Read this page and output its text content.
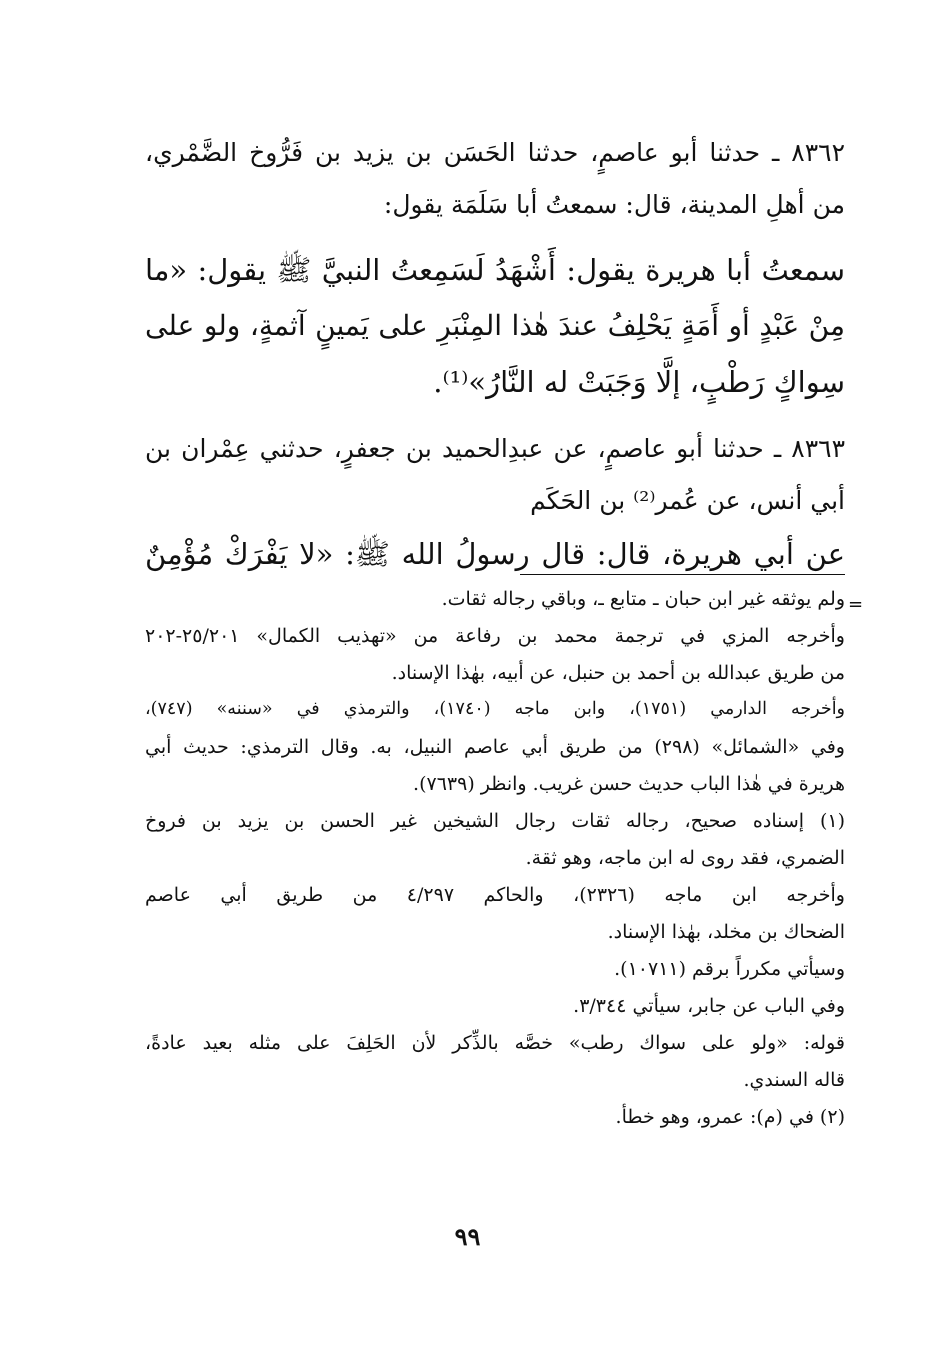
٨٣٦٢ ـ حدثنا أبو عاصمٍ، حدثنا الحَسَن بن يزيد بن فَرُّوخ الضَّمْري،
من أهلِ المدينة، قال: سمعتُ أبا سَلَمَة يقول:
سمعتُ أبا هريرة يقول: أَشْهَدُ لَسَمِعتُ النبيَّ ﷺ يقول: «ما
مِنْ عَبْدٍ أو أَمَةٍ يَحْلِفُ عندَ هٰذا المِنْبَرِ على يَمينٍ آثمةٍ، ولو على
سِواكٍ رَطْبٍ، إلَّا وَجَبَتْ له النَّارُ»⁽¹⁾.
٨٣٦٣ ـ حدثنا أبو عاصمٍ، عن عبدِالحميد بن جعفرٍ، حدثني عِمْران بن
أبي أنس، عن عُمر⁽²⁾ بن الحَكَم
عن أبي هريرة، قال: قال رسولُ الله ﷺ: «لا يَفْرَكْ مُؤْمِنٌ
=
ولم يوثقه غير ابن حبان ـ متابع ـ، وباقي رجاله ثقات.
وأخرجه المزي في ترجمة محمد بن رفاعة من «تهذيب الكمال» ٢٥/٢٠١-٢٠٢
من طريق عبدالله بن أحمد بن حنبل، عن أبيه، بهٰذا الإسناد.
وأخرجه الدارمي (١٧٥١)، وابن ماجه (١٧٤٠)، والترمذي في «سننه» (٧٤٧)،
وفي «الشمائل» (٢٩٨) من طريق أبي عاصم النبيل، به. وقال الترمذي: حديث أبي
هريرة في هٰذا الباب حديث حسن غريب. وانظر (٧٦٣٩).
(١) إسناده صحيح، رجاله ثقات رجال الشيخين غير الحسن بن يزيد بن فروخ
الضمري، فقد روى له ابن ماجه، وهو ثقة.
وأخرجه ابن ماجه (٢٣٢٦)، والحاكم ٤/٢٩٧ من طريق أبي عاصم
الضحاك بن مخلد، بهٰذا الإسناد.
وسيأتي مكرراً برقم (١٠٧١١).
وفي الباب عن جابر، سيأتي ٣/٣٤٤.
قوله: «ولو على سواك رطب» خصَّه بالذِّكر لأن الحَلِفَ على مثله بعيد عادةً،
قاله السندي.
(٢) في (م): عمرو، وهو خطأ.
٩٩
